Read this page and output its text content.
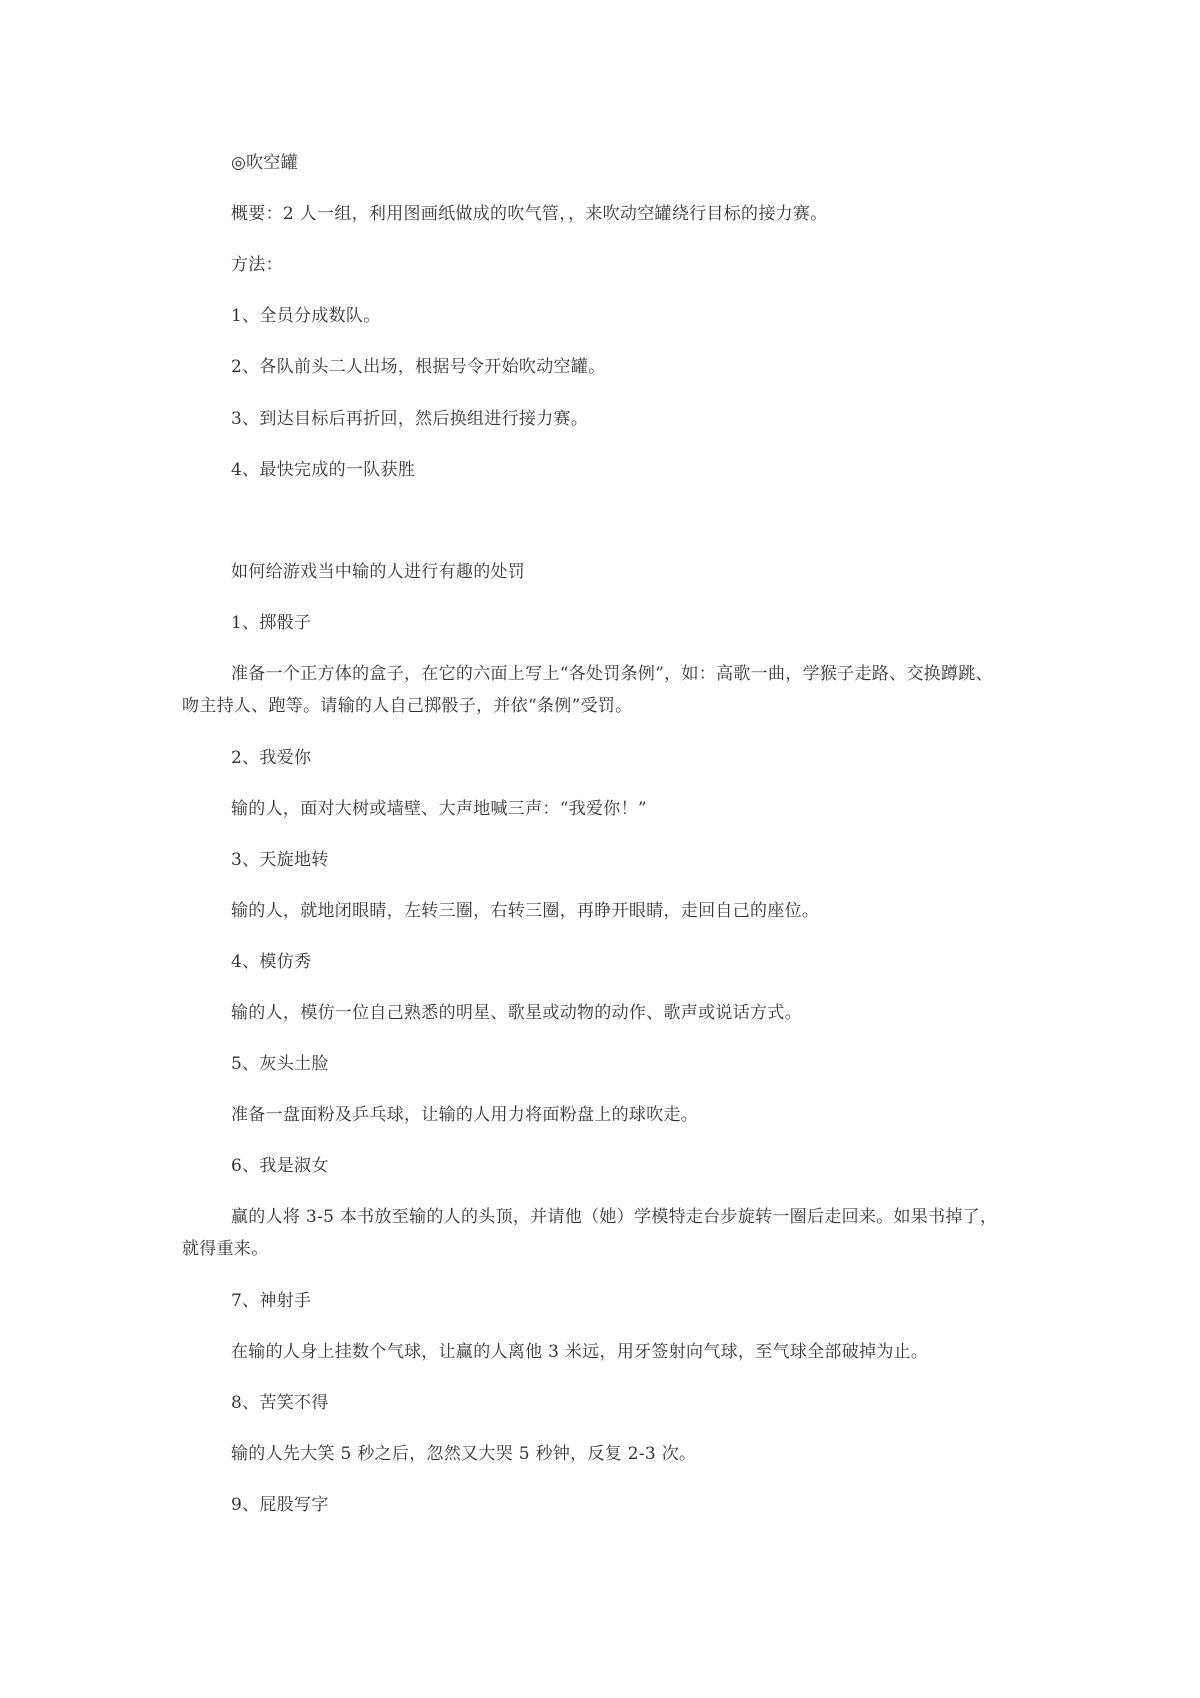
◎吹空罐
概要：2 人一组，利用图画纸做成的吹气管，，来吹动空罐绕行目标的接力赛。
方法：
1、全员分成数队。
2、各队前头二人出场，根据号令开始吹动空罐。
3、到达目标后再折回，然后换组进行接力赛。
4、最快完成的一队获胜
如何给游戏当中输的人进行有趣的处罚
1、掷骰子
准备一个正方体的盒子，在它的六面上写上“各处罚条例”，如：高歌一曲，学猴子走路、交换蹲跳、
吻主持人、跑等。请输的人自己掷骰子，并依“条例”受罚。
2、我爱你
输的人，面对大树或墙壁、大声地喊三声：“我爱你！”
3、天旋地转
输的人，就地闭眼睛，左转三圈，右转三圈，再睁开眼睛，走回自己的座位。
4、模仿秀
输的人，模仿一位自己熟悉的明星、歌星或动物的动作、歌声或说话方式。
5、灰头土脸
准备一盘面粉及乒乓球，让输的人用力将面粉盘上的球吹走。
6、我是淑女
赢的人将 3-5 本书放至输的人的头顶，并请他（她）学模特走台步旋转一圈后走回来。如果书掉了，
就得重来。
7、神射手
在输的人身上挂数个气球，让赢的人离他 3 米远，用牙签射向气球，至气球全部破掉为止。
8、苦笑不得
输的人先大笑 5 秒之后，忽然又大哭 5 秒钟，反复 2-3 次。
9、屁股写字
